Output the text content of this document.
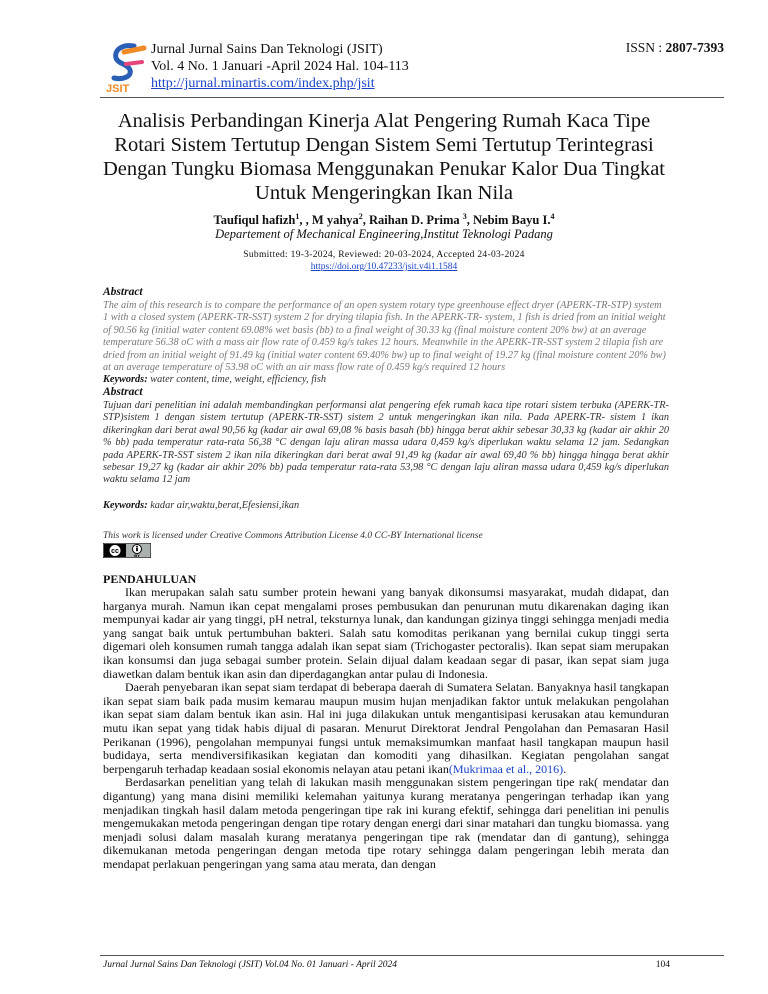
JSIT
Jurnal Jurnal Sains Dan Teknologi (JSIT)
Vol. 4 No. 1 Januari -April 2024 Hal. 104-113
http://jurnal.minartis.com/index.php/jsit
ISSN : 2807-7393
Analisis Perbandingan Kinerja Alat Pengering Rumah Kaca Tipe Rotari Sistem Tertutup Dengan Sistem Semi Tertutup Terintegrasi Dengan Tungku Biomasa Menggunakan Penukar Kalor Dua Tingkat Untuk Mengeringkan Ikan Nila
Taufiqul hafizh$^1$, , M yahya$^2$, Raihan D. Prima $^3$, Nebim Bayu I.$^4$
Departement of Mechanical Engineering,Institut Teknologi Padang
Submitted: 19-3-2024, Reviewed: 20-03-2024, Accepted 24-03-2024
https://doi.org/10.47233/jsit.v4i1.1584
Abstract
The aim of this research is to compare the performance of an open system rotary type greenhouse effect dryer (APERK-TR-STP) system 1 with a closed system (APERK-TR-SST) system 2 for drying tilapia fish. In the APERK-TR- system, 1 fish is dried from an initial weight of 90.56 kg (initial water content 69.08% wet basis (bb) to a final weight of 30.33 kg (final moisture content 20% bw) at an average temperature 56.38 oC with a mass air flow rate of 0.459 kg/s takes 12 hours. Meanwhile in the APERK-TR-SST system 2 tilapia fish are dried from an initial weight of 91.49 kg (initial water content 69.40% bw) up to final weight of 19.27 kg (final moisture content 20% bw) at an average temperature of 53.98 oC with an air mass flow rate of 0.459 kg/s required 12 hours
Keywords: water content, time, weight, efficiency, fish
Abstract
Tujuan dari penelitian ini adalah membandingkan performansi alat pengering efek rumah kaca tipe rotari sistem terbuka (APERK-TR-STP)sistem 1 dengan sistem tertutup (APERK-TR-SST) sistem 2 untuk mengeringkan ikan nila. Pada APERK-TR- sistem 1 ikan dikeringkan dari berat awal 90,56 kg (kadar air awal 69,08 % basis basah (bb) hingga berat akhir sebesar 30,33 kg (kadar air akhir 20 % bb) pada temperatur rata-rata 56,38 °C dengan laju aliran massa udara 0,459 kg/s diperlukan waktu selama 12 jam. Sedangkan pada APERK-TR-SST sistem 2 ikan nila dikeringkan dari berat awal 91,49 kg (kadar air awal 69,40 % bb) hingga hingga berat akhir sebesar 19,27 kg (kadar air akhir 20% bb) pada temperatur rata-rata 53,98 °C dengan laju aliran massa udara 0,459 kg/s diperlukan waktu selama 12 jam
Keywords: kadar air,waktu,berat,Efesiensi,ikan
This work is licensed under Creative Commons Attribution License 4.0 CC-BY International license
cc
BY
PENDAHULUAN

Ikan merupakan salah satu sumber protein hewani yang banyak dikonsumsi masyarakat, mudah didapat, dan harganya murah. Namun ikan cepat mengalami proses pembusukan dan penurunan mutu dikarenakan daging ikan mempunyai kadar air yang tinggi, pH netral, teksturnya lunak, dan kandungan gizinya tinggi sehingga menjadi media yang sangat baik untuk pertumbuhan bakteri. Salah satu komoditas perikanan yang bernilai cukup tinggi serta digemari oleh konsumen rumah tangga adalah ikan sepat siam (Trichogaster pectoralis). Ikan sepat siam merupakan ikan konsumsi dan juga sebagai sumber protein. Selain dijual dalam keadaan segar di pasar, ikan sepat siam juga diawetkan dalam bentuk ikan asin dan diperdagangkan antar pulau di Indonesia.

Daerah penyebaran ikan sepat siam terdapat di beberapa daerah di Sumatera Selatan. Banyaknya hasil tangkapan ikan sepat siam baik pada musim kemarau maupun musim hujan menjadikan faktor untuk melakukan pengolahan ikan sepat siam dalam bentuk ikan asin. Hal ini juga dilakukan untuk mengantisipasi kerusakan atau kemunduran mutu ikan sepat yang tidak habis dijual di pasaran. Menurut Direktorat Jendral Pengolahan dan Pemasaran Hasil Perikanan (1996), pengolahan mempunyai fungsi untuk memaksimumkan manfaat hasil tangkapan maupun hasil budidaya, serta mendiversifikasikan kegiatan dan komoditi yang dihasilkan. Kegiatan pengolahan sangat berpengaruh terhadap keadaan sosial ekonomis nelayan atau petani ikan(Mukrimaa et al., 2016).

Berdasarkan penelitian yang telah di lakukan masih menggunakan sistem pengeringan tipe rak( mendatar dan digantung) yang mana disini memiliki kelemahan yaitunya kurang meratanya pengeringan terhadap ikan yang menjadikan tingkah hasil dalam metoda pengeringan tipe rak ini kurang efektif, sehingga dari penelitian ini penulis mengemukakan metoda pengeringan dengan tipe rotary dengan energi dari sinar matahari dan tungku biomassa. yang menjadi solusi dalam masalah kurang meratanya pengeringan tipe rak (mendatar dan di gantung), sehingga dikemukanan metoda pengeringan dengan metoda tipe rotary sehingga dalam pengeringan lebih merata dan mendapat perlakuan pengeringan yang sama atau merata, dan dengan

Jurnal Jurnal Sains Dan Teknologi (JSIT) Vol.04 No. 01 Januari - April 2024	104
